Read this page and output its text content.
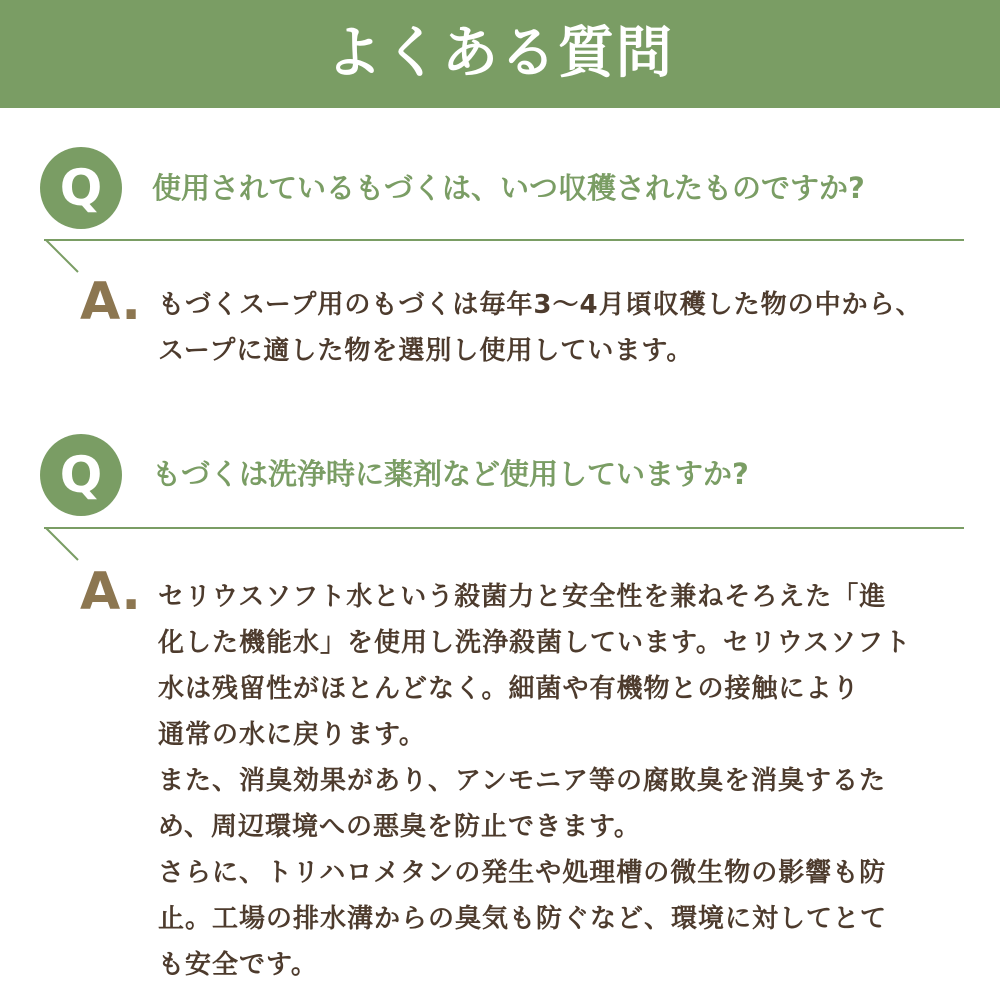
よくある質問
Q	使用されているもづくは、いつ収穫されたものですか?
A. もづくスープ用のもづくは毎年3〜4月頃収穫した物の中から、
スープに適した物を選別し使用しています。
Q	もづくは洗浄時に薬剤など使用していますか?
A. セリウスソフト水という殺菌力と安全性を兼ねそろえた「進
化した機能水」を使用し洗浄殺菌しています。セリウスソフト
水は残留性がほとんどなく。細菌や有機物との接触により
通常の水に戻ります。
また、消臭効果があり、アンモニア等の腐敗臭を消臭するた
め、周辺環境への悪臭を防止できます。
さらに、トリハロメタンの発生や処理槽の微生物の影響も防
止。工場の排水溝からの臭気も防ぐなど、環境に対してとて
も安全です。
